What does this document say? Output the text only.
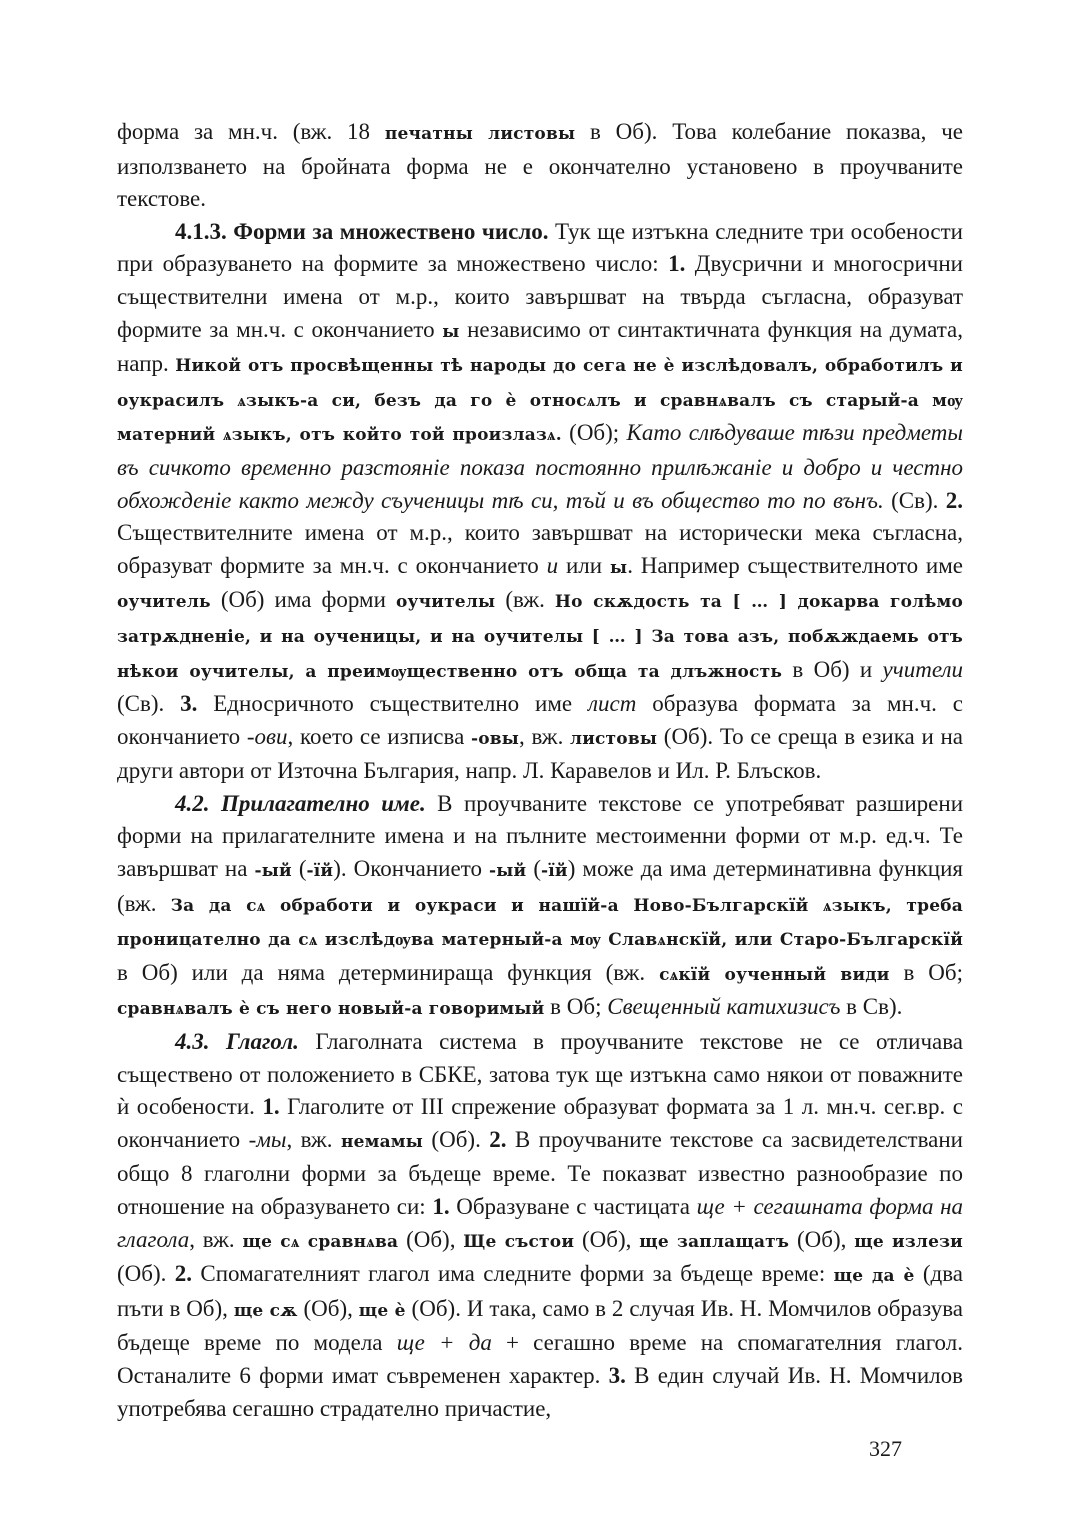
форма за мн.ч. (вж. 18 печатны листовы в Об). Това колебание показва, че използването на бройната форма не е окончателно установено в проучваните текстове.

4.1.3. Форми за множествено число. Тук ще изтъкна следните три особености при образуването на формите за множествено число: 1. Двусрични и многосрични съществителни имена от м.р., които завършват на твърда съгласна, образуват формите за мн.ч. с окончанието ы независимо от синтактичната функция на думата, напр. Никой отъ просвѣщенны тѣ народы до сега не ѐ изслѣдовалъ, обработилъ и оукрасилъ ѧзыкъ-а си, безъ да го ѐ относѧлъ и сравнѧвалъ съ старый-а мѹ матерний ѧзыкъ, отъ който той произлазѧ. (Об); Като слѣдуваше тѣзи предметы въ сичкото временно разстоянiе показа постоянно прилѣжанiе и добро и честно обхожденiе както между съученицы тѣ си, тъй и въ общество то по вънъ. (Св). 2. Съществителните имена от м.р., които завършват на исторически мека съгласна, образуват формите за мн.ч. с окончанието и или ы. Например съществителното име оучитель (Об) има форми оучителы (вж. Но скѫдость та [ … ] докарва голѣмо затрѫдненiе, и на оученицы, и на оучителы [ … ] За това азъ, побѫждаемь отъ нѣкои оучителы, а преимѹщественно отъ обща та длъжность в Об) и учители (Св). 3. Едносричното съществително име лист образува формата за мн.ч. с окончанието -ови, което се изписва -овы, вж. листовы (Об). То се среща в езика и на други автори от Източна България, напр. Л. Каравелов и Ил. Р. Блъсков.

4.2. Прилагателно име. В проучваните текстове се употребяват разширени форми на прилагателните имена и на пълните местоименни форми от м.р. ед.ч. Те завършват на -ый (-їй). Окончанието -ый (-їй) може да има детерминативна функция (вж. За да сѧ обработи и оукраси и нашїй-а Ново-Българскїй ѧзыкъ, треба проницателно да сѧ изслѣдѹва матерный-а мѹ Славѧнскїй, или Старо-Българскїй в Об) или да няма детерминираща функция (вж. сѧкїй оученный види в Об; сравнѧвалъ ѐ съ него новый-а говоримый в Об; Свещенный катихизисъ в Св).

4.3. Глагол. Глаголната система в проучваните текстове не се отличава съществено от положението в СБКЕ, затова тук ще изтъкна само някои от поважните ѝ особености. 1. Глаголите от III спрежение образуват формата за 1 л. мн.ч. сег.вр. с окончанието -мы, вж. немамы (Об). 2. В проучваните текстове са засвидетелствани общо 8 глаголни форми за бъдеще време. Те показват известно разнообразие по отношение на образуването си: 1. Образуване с частицата ще + сегашната форма на глагола, вж. ще сѧ сравнѧва (Об), Ще състои (Об), ще заплащатъ (Об), ще излези (Об). 2. Спомагателният глагол има следните форми за бъдеще време: ще да ѐ (два пъти в Об), ще сѫ (Об), ще ѐ (Об). И така, само в 2 случая Ив. Н. Момчилов образува бъдеще време по модела ще + да + сегашно време на спомагателния глагол. Останалите 6 форми имат съвременен характер. 3. В един случай Ив. Н. Момчилов употребява сегашно страдателно причастие,

327
